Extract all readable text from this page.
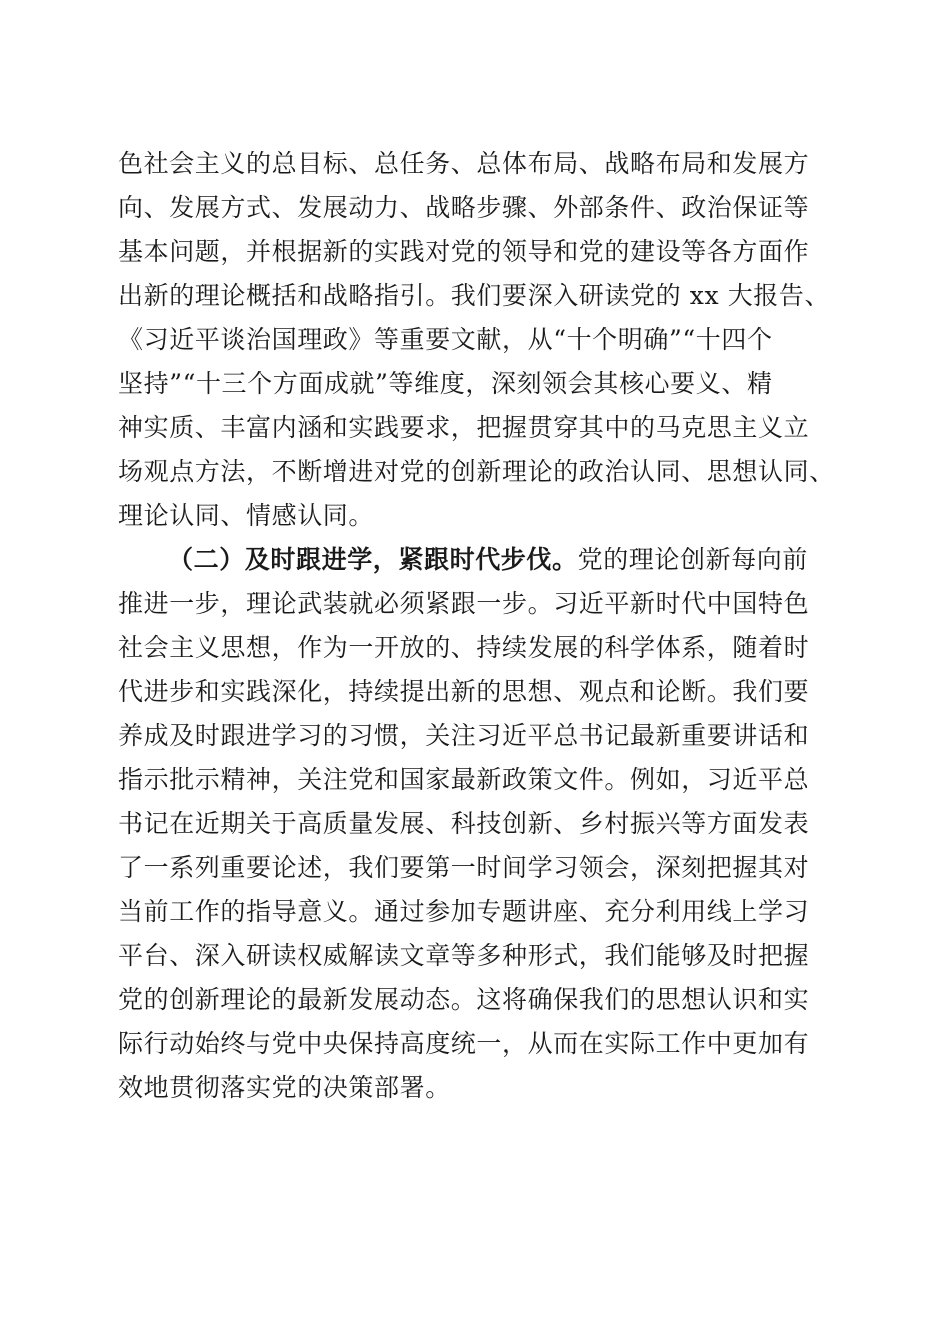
色社会主义的总目标、总任务、总体布局、战略布局和发展方
向、发展方式、发展动力、战略步骤、外部条件、政治保证等
基本问题，并根据新的实践对党的领导和党的建设等各方面作
出新的理论概括和战略指引。我们要深入研读党的 xx 大报告、
《习近平谈治国理政》等重要文献，从“十个明确”“十四个
坚持”“十三个方面成就”等维度，深刻领会其核心要义、精
神实质、丰富内涵和实践要求，把握贯穿其中的马克思主义立
场观点方法，不断增进对党的创新理论的政治认同、思想认同、
理论认同、情感认同。
（二）及时跟进学，紧跟时代步伐。党的理论创新每向前
推进一步，理论武装就必须紧跟一步。习近平新时代中国特色
社会主义思想，作为一开放的、持续发展的科学体系，随着时
代进步和实践深化，持续提出新的思想、观点和论断。我们要
养成及时跟进学习的习惯，关注习近平总书记最新重要讲话和
指示批示精神，关注党和国家最新政策文件。例如，习近平总
书记在近期关于高质量发展、科技创新、乡村振兴等方面发表
了一系列重要论述，我们要第一时间学习领会，深刻把握其对
当前工作的指导意义。通过参加专题讲座、充分利用线上学习
平台、深入研读权威解读文章等多种形式，我们能够及时把握
党的创新理论的最新发展动态。这将确保我们的思想认识和实
际行动始终与党中央保持高度统一，从而在实际工作中更加有
效地贯彻落实党的决策部署。
